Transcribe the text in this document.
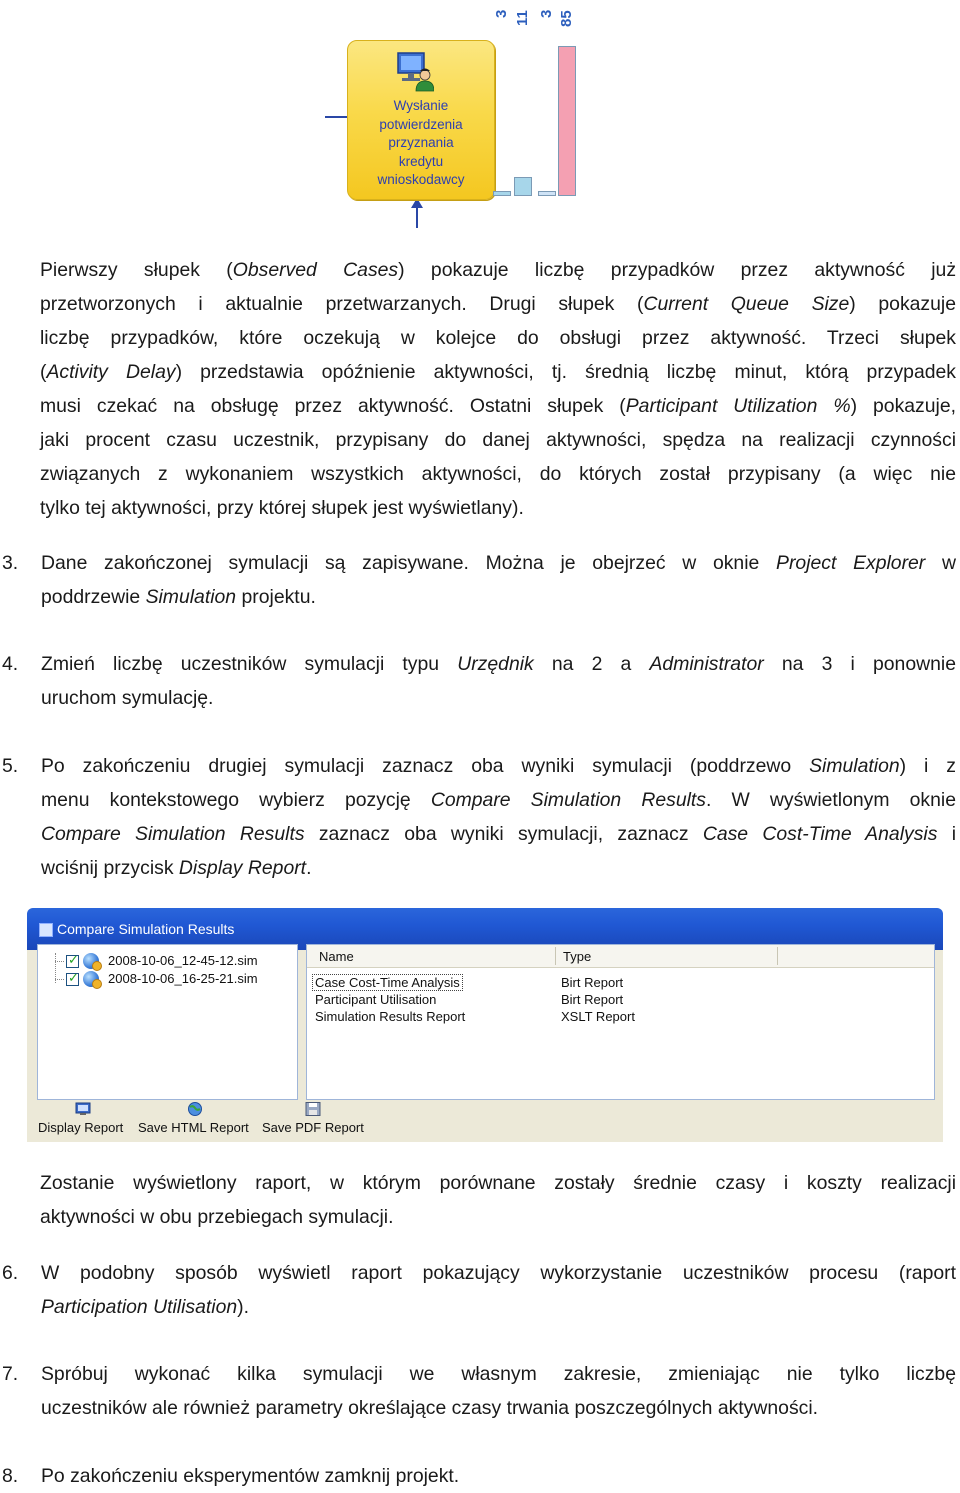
Wysłanie
potwierdzenia
przyznania
kredytu
wnioskodawcy
3 11 3 85
Pierwszy słupek (Observed Cases) pokazuje liczbę przypadków przez aktywność już
przetworzonych i aktualnie przetwarzanych. Drugi słupek (Current Queue Size) pokazuje
liczbę przypadków, które oczekują w kolejce do obsługi przez aktywność. Trzeci słupek
(Activity Delay) przedstawia opóźnienie aktywności, tj. średnią liczbę minut, którą przypadek
musi czekać na obsługę przez aktywność. Ostatni słupek (Participant Utilization %) pokazuje,
jaki procent czasu uczestnik, przypisany do danej aktywności, spędza na realizacji czynności
związanych z wykonaniem wszystkich aktywności, do których został przypisany (a więc nie
tylko tej aktywności, przy której słupek jest wyświetlany).
3. Dane zakończonej symulacji są zapisywane. Można je obejrzeć w oknie Project Explorer w
poddrzewie Simulation projektu.
4. Zmień liczbę uczestników symulacji typu Urzędnik na 2 a Administrator na 3 i ponownie
uruchom symulację.
5. Po zakończeniu drugiej symulacji zaznacz oba wyniki symulacji (poddrzewo Simulation) i z
menu kontekstowego wybierz pozycję Compare Simulation Results. W wyświetlonym oknie
Compare Simulation Results zaznacz oba wyniki symulacji, zaznacz Case Cost-Time Analysis i
wciśnij przycisk Display Report.
Compare Simulation Results
✓
2008-10-06_12-45-12.sim
✓
2008-10-06_16-25-21.sim
Name	Type
Case Cost-Time Analysis	Birt Report
Participant Utilisation	Birt Report
Simulation Results Report	XSLT Report
Display Report Save HTML Report Save PDF Report
Zostanie wyświetlony raport, w którym porównane zostały średnie czasy i koszty realizacji
aktywności w obu przebiegach symulacji.
6. W podobny sposób wyświetl raport pokazujący wykorzystanie uczestników procesu (raport
Participation Utilisation).
7. Spróbuj wykonać kilka symulacji we własnym zakresie, zmieniając nie tylko liczbę
uczestników ale również parametry określające czasy trwania poszczególnych aktywności.
8. Po zakończeniu eksperymentów zamknij projekt.
